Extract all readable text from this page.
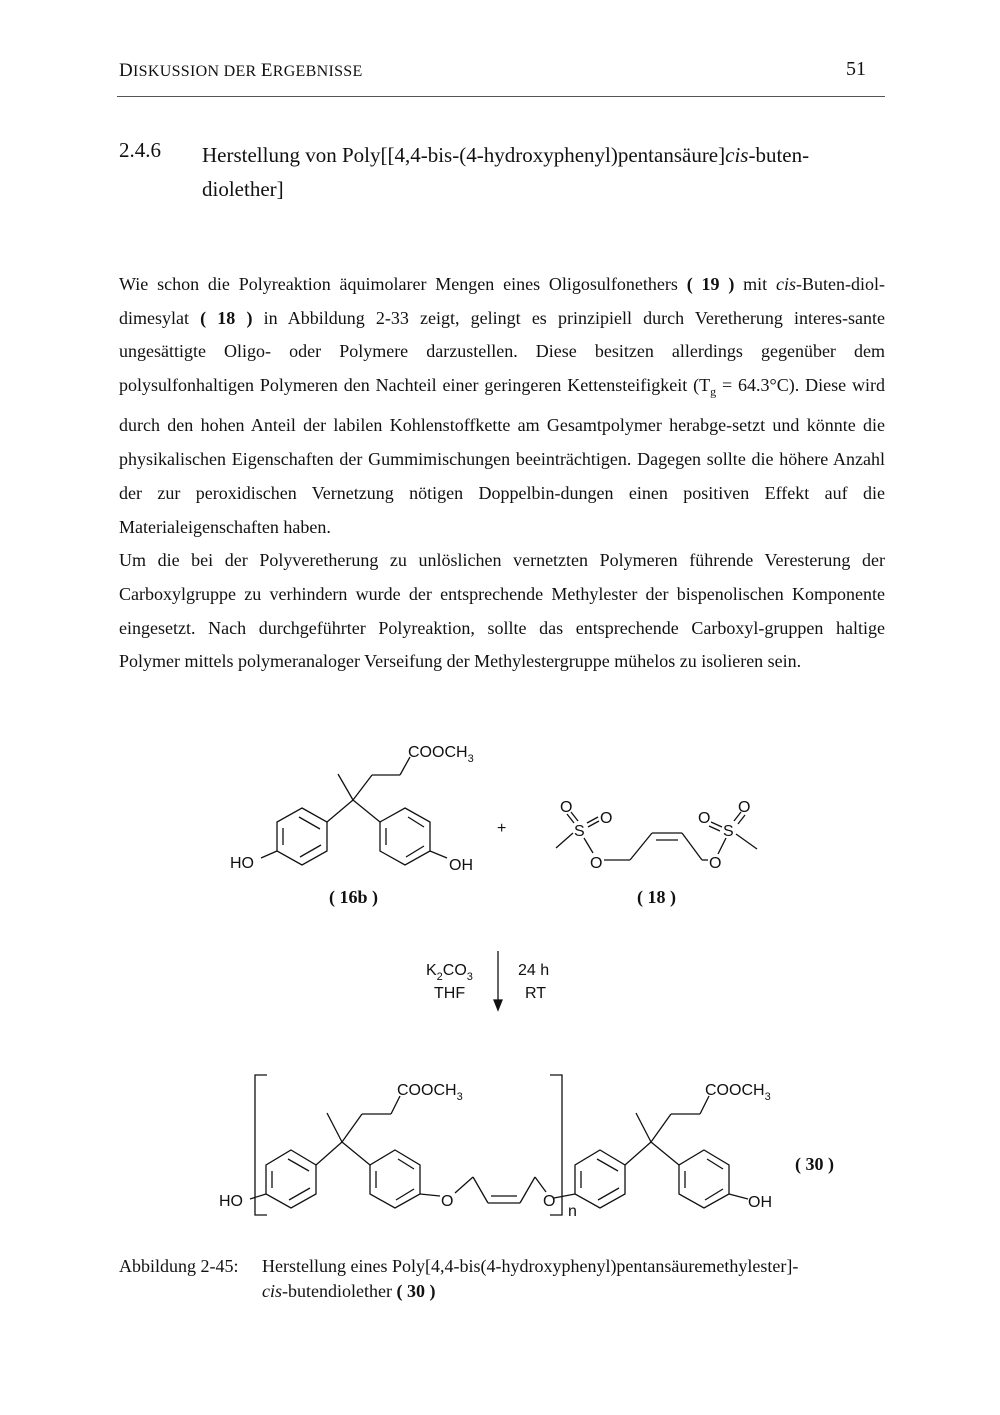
DISKUSSION DER ERGEBNISSE	51
2.4.6 Herstellung von Poly[[4,4-bis-(4-hydroxyphenyl)pentansäure]cis-buten-
diolether]

Wie schon die Polyreaktion äquimolarer Mengen eines Oligosulfonethers ( 19 ) mit cis-Buten-diol-dimesylat ( 18 ) in Abbildung 2-33 zeigt, gelingt es prinzipiell durch Veretherung interes-sante ungesättigte Oligo- oder Polymere darzustellen. Diese besitzen allerdings gegenüber dem polysulfonhaltigen Polymeren den Nachteil einer geringeren Kettensteifigkeit $(T_g = 64.3^\circ C)$. Diese wird durch den hohen Anteil der labilen Kohlenstoffkette am Gesamtpolymer herabge-setzt und könnte die physikalischen Eigenschaften der Gummimischungen beeinträchtigen. Dagegen sollte die höhere Anzahl der zur peroxidischen Vernetzung nötigen Doppelbin-dungen einen positiven Effekt auf die Materialeigenschaften haben.

Um die bei der Polyveretherung zu unlöslichen vernetzten Polymeren führende Veresterung der Carboxylgruppe zu verhindern wurde der entsprechende Methylester der bispenolischen Komponente eingesetzt. Nach durchgeführter Polyreaktion, sollte das entsprechende Carboxyl-gruppen haltige Polymer mittels polymeranaloger Verseifung der Methylestergruppe mühelos zu isolieren sein.

$COOCH_3$
HO	OH
+
O
O
S
O	O
O
O
S
( 16b )	( 18 )
$K_2CO_3$
THF
24 h
RT
$COOCH_3$	$COOCH_3$
HO	O	O
n
OH
( 30 )
Abbildung 2-45: Herstellung eines Poly[4,4-bis(4-hydroxyphenyl)pentansäuremethylester]-
cis-butendiolether ( 30 )
